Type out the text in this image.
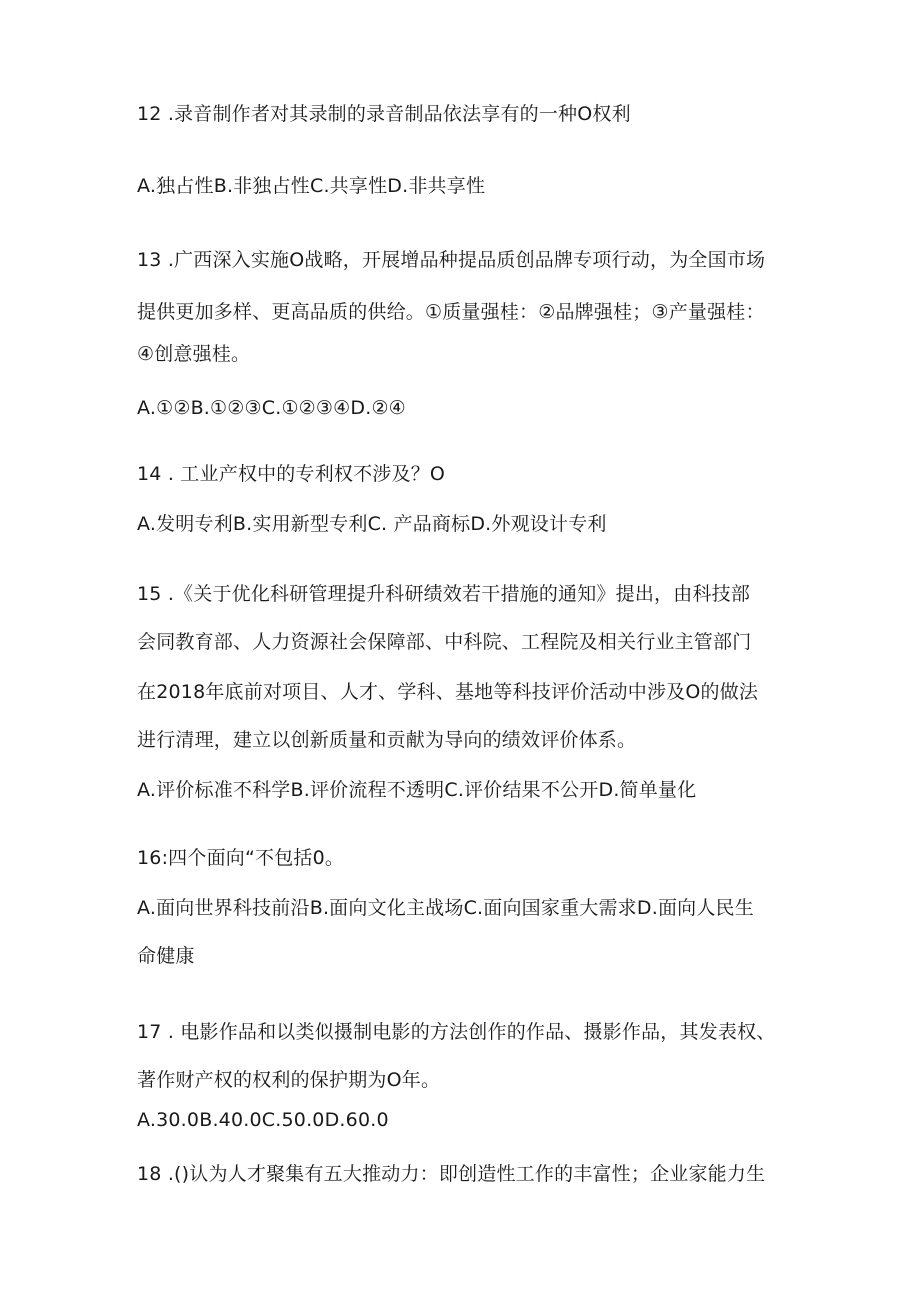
12 .录音制作者对其录制的录音制品依法享有的一种O权利
A.独占性B.非独占性C.共享性D.非共享性
13 .广西深入实施O战略，开展增品种提品质创品牌专项行动，为全国市场
提供更加多样、更高品质的供给。①质量强桂：②品牌强桂；③产量强桂：
④创意强桂。
A.①②B.①②③C.①②③④D.②④
14 . 工业产权中的专利权不涉及？O
A.发明专利B.实用新型专利C. 产品商标D.外观设计专利
15 .《关于优化科研管理提升科研绩效若干措施的通知》提出，由科技部
会同教育部、人力资源社会保障部、中科院、工程院及相关行业主管部门
在2018年底前对项目、人才、学科、基地等科技评价活动中涉及O的做法
进行清理，建立以创新质量和贡献为导向的绩效评价体系。
A.评价标准不科学B.评价流程不透明C.评价结果不公开D.简单量化
16:四个面向“不包括0。
A.面向世界科技前沿B.面向文化主战场C.面向国家重大需求D.面向人民生
命健康
17 . 电影作品和以类似摄制电影的方法创作的作品、摄影作品，其发表权、
著作财产权的权利的保护期为O年。
A.30.0B.40.0C.50.0D.60.0
18 .()认为人才聚集有五大推动力：即创造性工作的丰富性；企业家能力生
